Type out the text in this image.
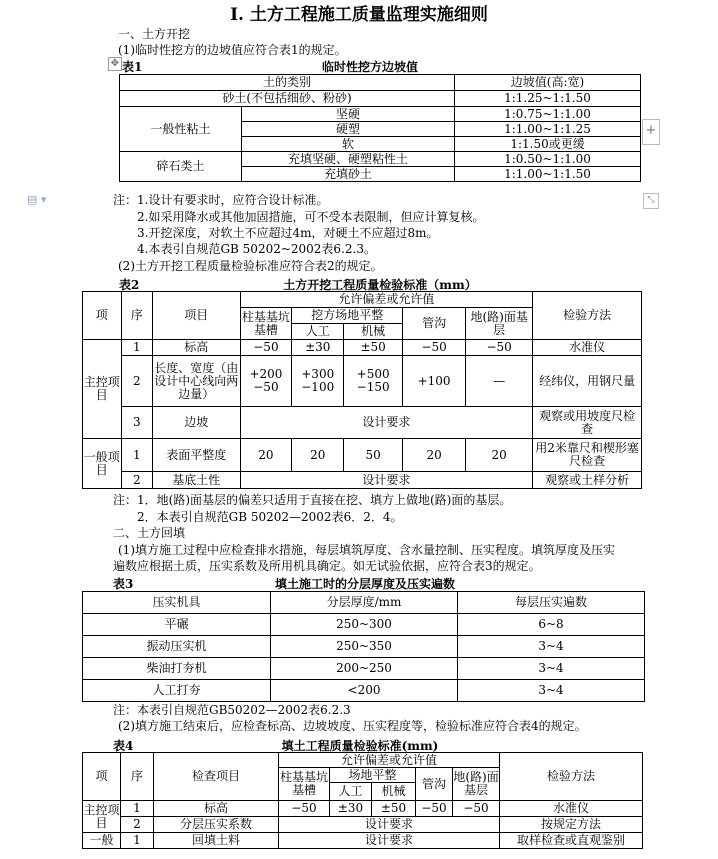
I. 土方工程施工质量监理实施细则
一、土方开挖
(1)临时性挖方的边坡值应符合表1的规定。
✥ 表1	临时性挖方边坡值
土的类别		边坡值(高:宽)
砂土(不包括细砂、粉砂)		1:1.25~1:1.50
一般性粘土	坚硬	1:0.75~1:1.00
	硬塑	1:1.00~1:1.25
	软	1:1.50或更缓
碎石类土	充填坚硬、硬塑粘性土	1:0.50~1:1.00
	充填砂土	1:1.00~1:1.50
+
⤡
▤ ▾	注：1.设计有要求时，应符合设计标准。
2.如采用降水或其他加固措施，可不受本表限制，但应计算复核。
3.开挖深度，对软土不应超过4m，对硬土不应超过8m。
4.本表引自规范GB 50202~2002表6.2.3。
(2)土方开挖工程质量检验标准应符合表2的规定。
表2	土方开挖工程质量检验标准（mm）
项	序	项目	允许偏差或允许值					检验方法
			柱基基坑基槽	挖方场地平整		管沟	地(路)面基层	
				人工	机械			
主控项目	1	标高	−50	±30	±50	−50	−50	水准仪
	2	长度、宽度（由设计中心线向两边量）	+200 −50	+300 −100	+500 −150	+100	—	经纬仪，用钢尺量
	3	边坡	设计要求					观察或用坡度尺检查
一般项目	1	表面平整度	20	20	50	20	20	用2米靠尺和楔形塞尺检查
	2	基底土性	设计要求					观察或土样分析
注：1．地(路)面基层的偏差只适用于直接在挖、填方上做地(路)面的基层。
2．本表引自规范GB 50202—2002表6．2．4。
二、土方回填
(1)填方施工过程中应检查排水措施，每层填筑厚度、含水量控制、压实程度。填筑厚度及压实
遍数应根据土质，压实系数及所用机具确定。如无试验依据，应符合表3的规定。
表3	填土施工时的分层厚度及压实遍数
压实机具	分层厚度/mm	每层压实遍数
平碾	250~300	6~8
振动压实机	250~350	3~4
柴油打夯机	200~250	3~4
人工打夯	<200	3~4
注：本表引自规范GB50202—2002表6.2.3
(2)填方施工结束后，应检查标高、边坡坡度、压实程度等，检验标准应符合表4的规定。
表4	填土工程质量检验标准(mm)
项	序	检查项目	允许偏差或允许值					检验方法
			柱基基坑基槽	场地平整		管沟	地(路)面基层	
				人工	机械			
主控项目	1	标高	−50	±30	±50	−50	−50	水准仪
	2	分层压实系数	设计要求					按规定方法
一般	1	回填土料	设计要求					取样检查或直观鉴别
